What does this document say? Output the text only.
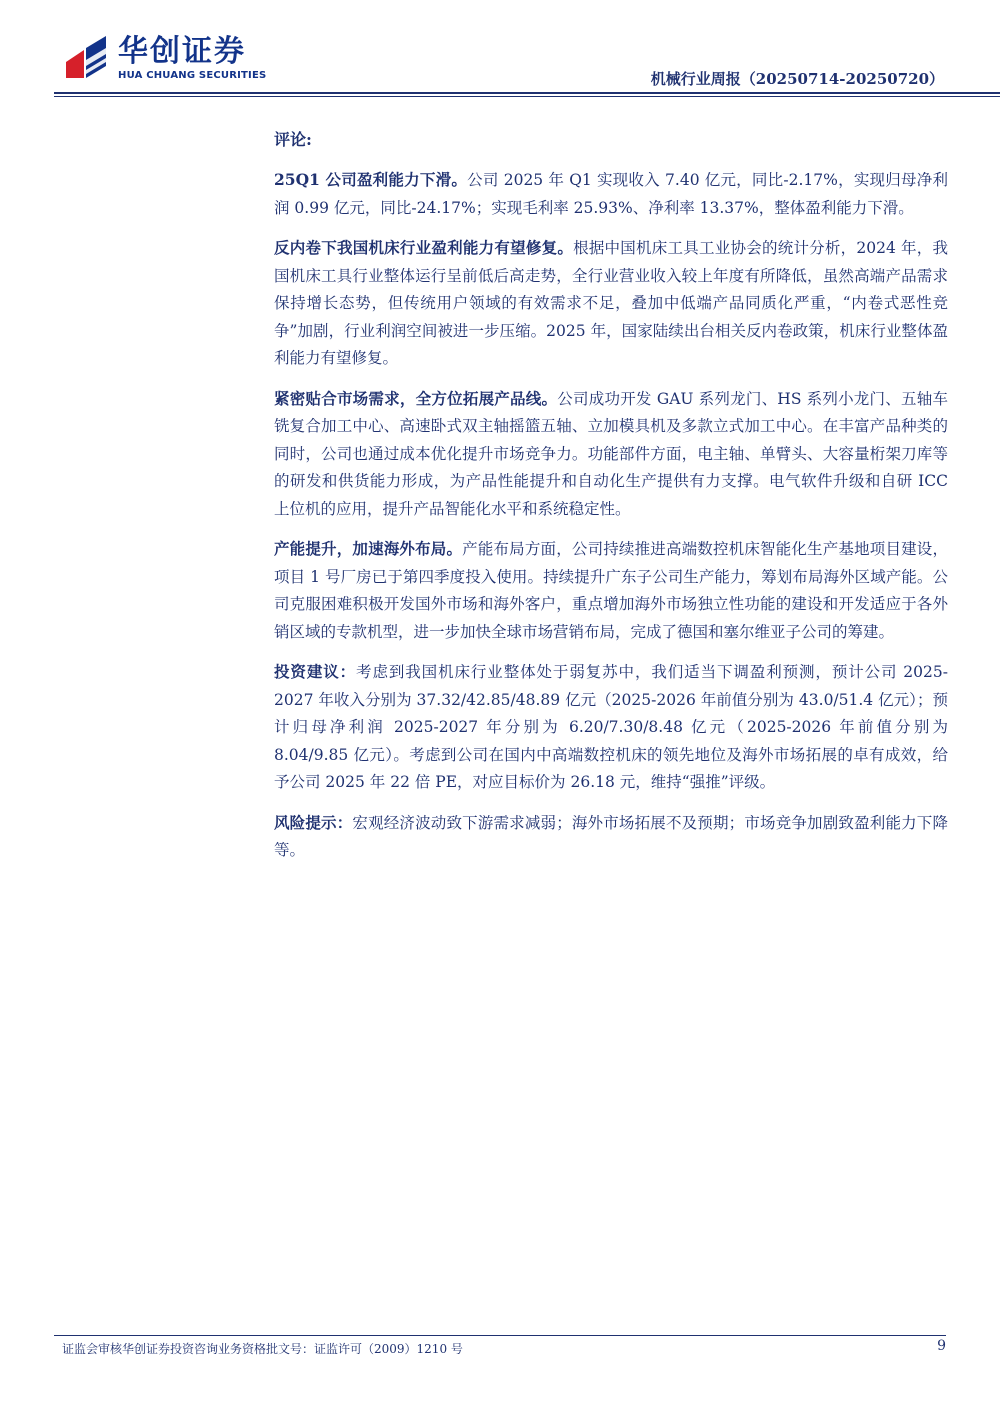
华创证券
HUA CHUANG SECURITIES	机械行业周报（20250714-20250720）

评论:

25Q1 公司盈利能力下滑。公司 2025 年 Q1 实现收入 7.40 亿元，同比-2.17%，实现归母净利润 0.99 亿元，同比-24.17%；实现毛利率 25.93%、净利率 13.37%，整体盈利能力下滑。

反内卷下我国机床行业盈利能力有望修复。根据中国机床工具工业协会的统计分析，2024 年，我国机床工具行业整体运行呈前低后高走势，全行业营业收入较上年度有所降低，虽然高端产品需求保持增长态势，但传统用户领域的有效需求不足，叠加中低端产品同质化严重，“内卷式恶性竞争”加剧，行业利润空间被进一步压缩。2025 年，国家陆续出台相关反内卷政策，机床行业整体盈利能力有望修复。

紧密贴合市场需求，全方位拓展产品线。公司成功开发 GAU 系列龙门、HS 系列小龙门、五轴车铣复合加工中心、高速卧式双主轴摇篮五轴、立加模具机及多款立式加工中心。在丰富产品种类的同时，公司也通过成本优化提升市场竞争力。功能部件方面，电主轴、单臂头、大容量桁架刀库等的研发和供货能力形成，为产品性能提升和自动化生产提供有力支撑。电气软件升级和自研 ICC 上位机的应用，提升产品智能化水平和系统稳定性。

产能提升，加速海外布局。产能布局方面，公司持续推进高端数控机床智能化生产基地项目建设，项目 1 号厂房已于第四季度投入使用。持续提升广东子公司生产能力，筹划布局海外区域产能。公司克服困难积极开发国外市场和海外客户，重点增加海外市场独立性功能的建设和开发适应于各外销区域的专款机型，进一步加快全球市场营销布局，完成了德国和塞尔维亚子公司的筹建。

投资建议：考虑到我国机床行业整体处于弱复苏中，我们适当下调盈利预测，预计公司 2025-2027 年收入分别为 37.32/42.85/48.89 亿元（2025-2026 年前值分别为 43.0/51.4 亿元）；预计归母净利润 2025-2027 年分别为 6.20/7.30/8.48 亿元（2025-2026 年前值分别为 8.04/9.85 亿元）。考虑到公司在国内中高端数控机床的领先地位及海外市场拓展的卓有成效，给予公司 2025 年 22 倍 PE，对应目标价为 26.18 元，维持“强推”评级。

风险提示：宏观经济波动致下游需求减弱；海外市场拓展不及预期；市场竞争加剧致盈利能力下降等。

证监会审核华创证券投资咨询业务资格批文号：证监许可（2009）1210 号	9
